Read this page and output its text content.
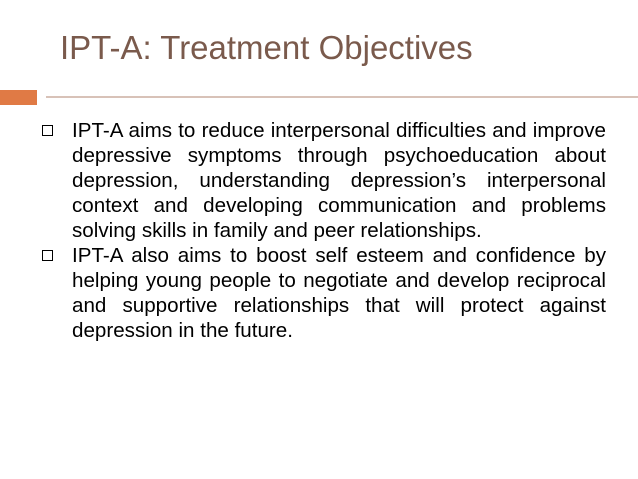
IPT-A: Treatment Objectives
IPT-A aims to reduce interpersonal difficulties and improve depressive symptoms through psychoeducation about depression, understanding depression’s interpersonal context and developing communication and problems solving skills in family and peer relationships.
IPT-A also aims to boost self esteem and confidence by helping young people to negotiate and develop reciprocal and supportive relationships that will protect against depression in the future.
